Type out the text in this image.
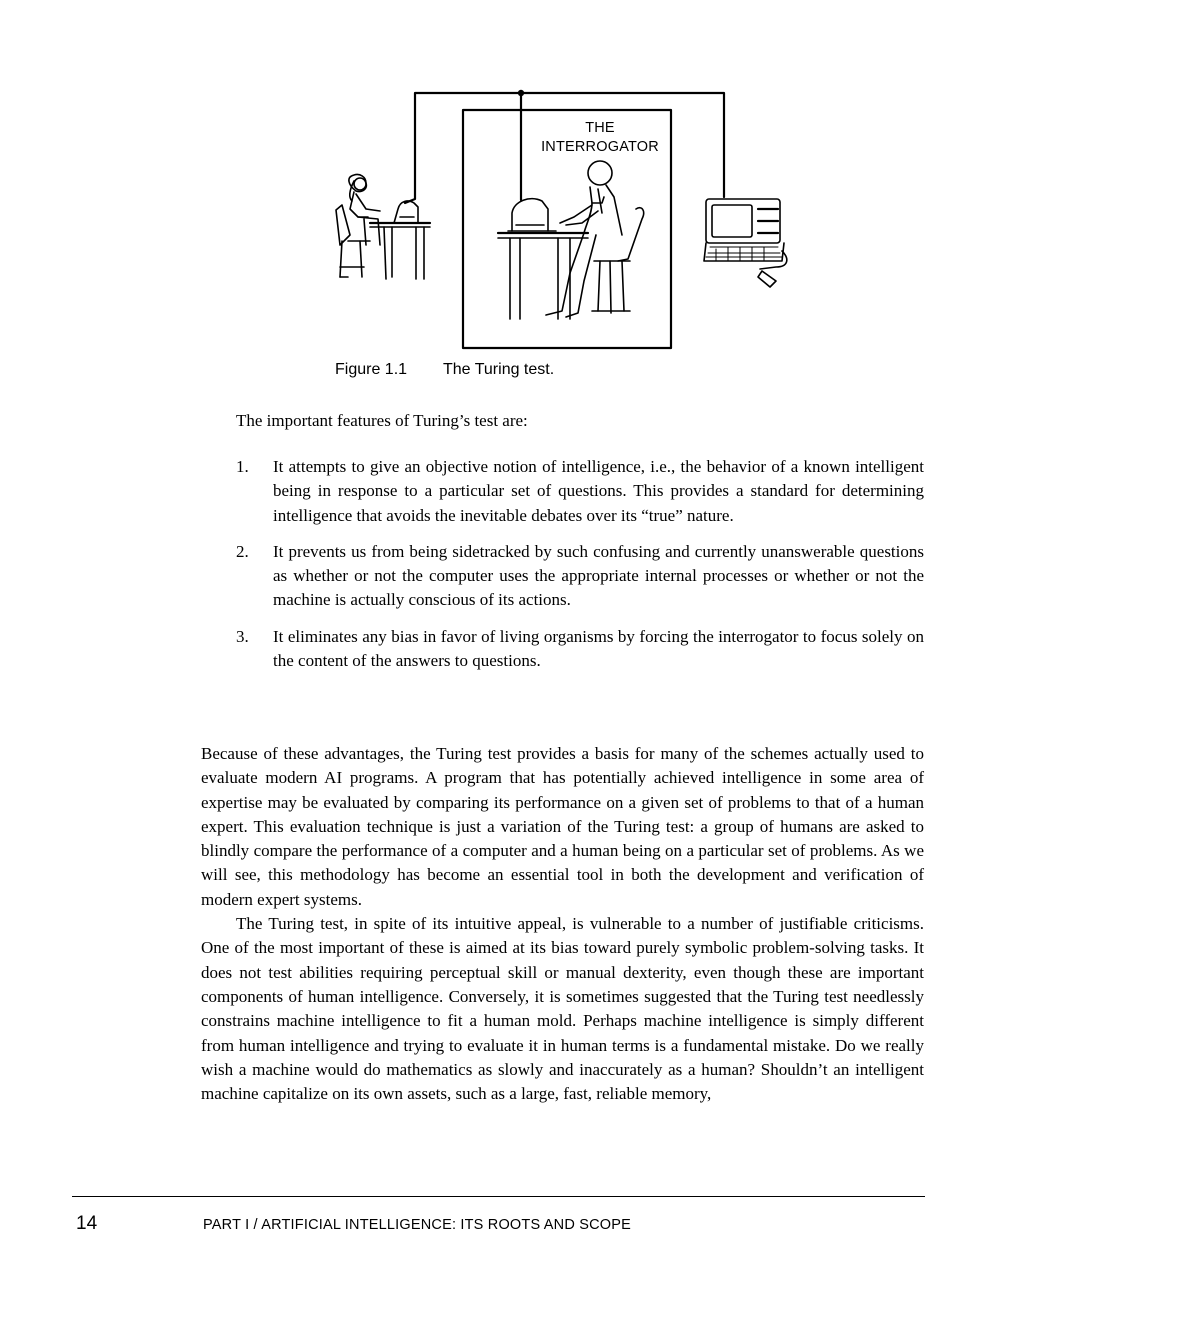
THE
INTERROGATOR
Figure 1.1 The Turing test.
The important features of Turing’s test are:
1. It attempts to give an objective notion of intelligence, i.e., the behavior of a known intelligent being in response to a particular set of questions. This provides a standard for determining intelligence that avoids the inevitable debates over its “true” nature.
2. It prevents us from being sidetracked by such confusing and currently unanswerable questions as whether or not the computer uses the appropriate internal processes or whether or not the machine is actually conscious of its actions.
3. It eliminates any bias in favor of living organisms by forcing the interrogator to focus solely on the content of the answers to questions.

Because of these advantages, the Turing test provides a basis for many of the schemes actually used to evaluate modern AI programs. A program that has potentially achieved intelligence in some area of expertise may be evaluated by comparing its performance on a given set of problems to that of a human expert. This evaluation technique is just a variation of the Turing test: a group of humans are asked to blindly compare the performance of a computer and a human being on a particular set of problems. As we will see, this methodology has become an essential tool in both the development and verification of modern expert systems.

The Turing test, in spite of its intuitive appeal, is vulnerable to a number of justifiable criticisms. One of the most important of these is aimed at its bias toward purely symbolic problem-solving tasks. It does not test abilities requiring perceptual skill or manual dexterity, even though these are important components of human intelligence. Conversely, it is sometimes suggested that the Turing test needlessly constrains machine intelligence to fit a human mold. Perhaps machine intelligence is simply different from human intelligence and trying to evaluate it in human terms is a fundamental mistake. Do we really wish a machine would do mathematics as slowly and inaccurately as a human? Shouldn’t an intelligent machine capitalize on its own assets, such as a large, fast, reliable memory,

14	PART I / ARTIFICIAL INTELLIGENCE: ITS ROOTS AND SCOPE
